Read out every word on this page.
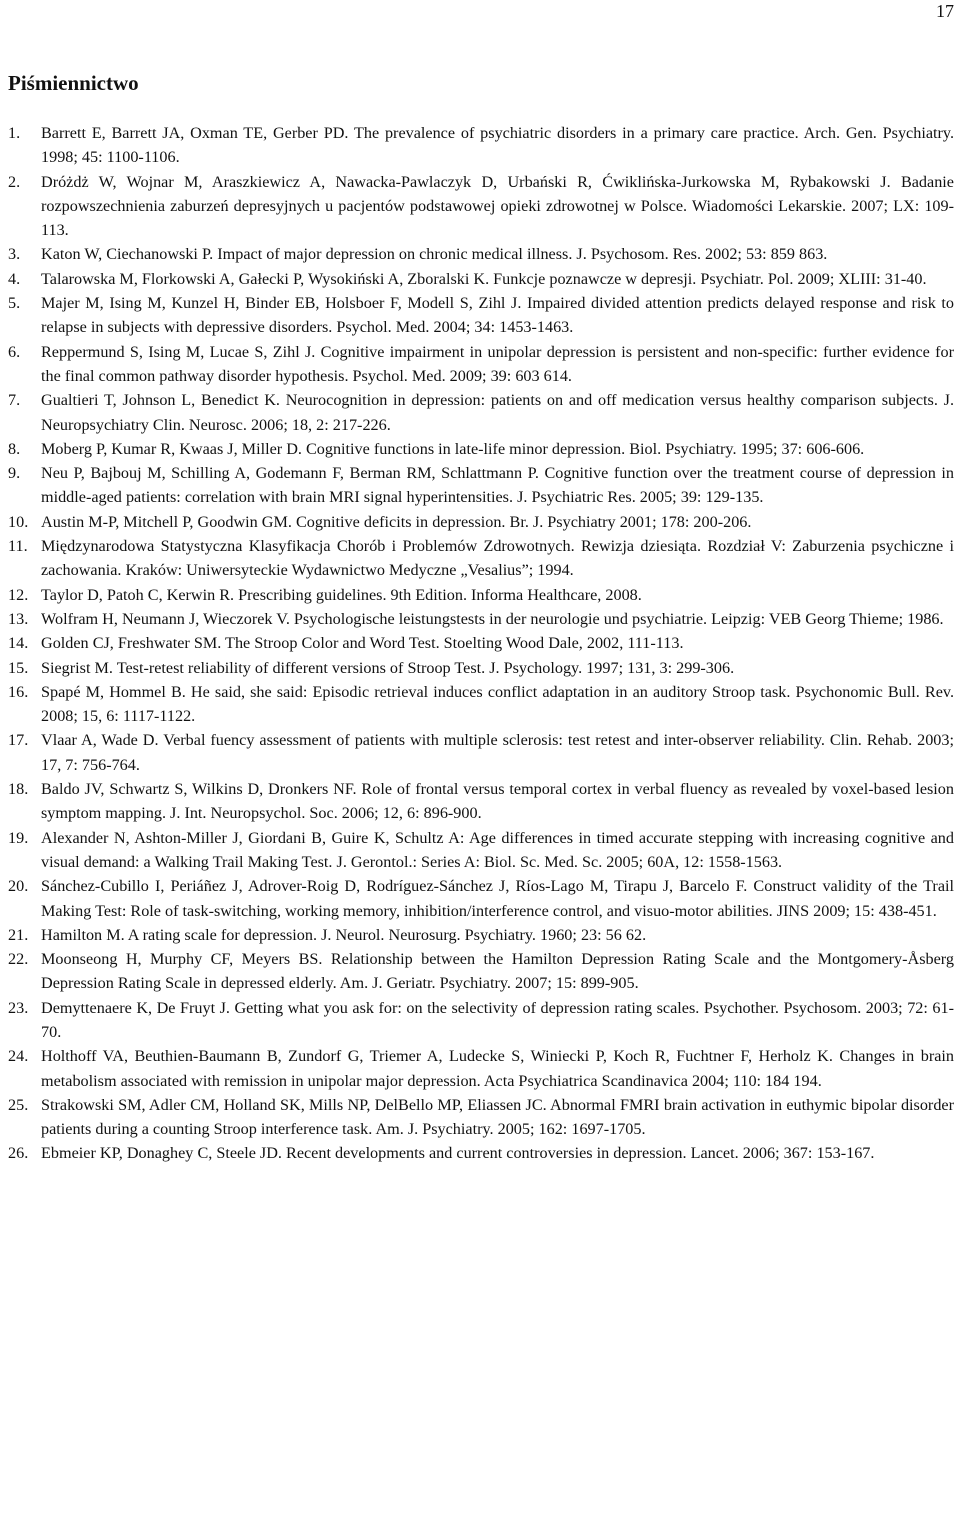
17
Piśmiennictwo
1.	Barrett E, Barrett JA, Oxman TE, Gerber PD. The prevalence of psychiatric disorders in a primary care practice. Arch. Gen. Psychiatry. 1998; 45: 1100-1106.
2.	Dróżdż W, Wojnar M, Araszkiewicz A, Nawacka-Pawlaczyk D, Urbański R, Ćwiklińska-Jurkowska M, Rybakowski J. Badanie rozpowszechnienia zaburzeń depresyjnych u pacjentów podstawowej opieki zdrowotnej w Polsce. Wiadomości Lekarskie. 2007; LX: 109-113.
3.	Katon W, Ciechanowski P. Impact of major depression on chronic medical illness. J. Psychosom. Res. 2002; 53: 859 863.
4.	Talarowska M, Florkowski A, Gałecki P, Wysokiński A, Zboralski K. Funkcje poznawcze w depresji. Psychiatr. Pol. 2009; XLIII: 31-40.
5.	Majer M, Ising M, Kunzel H, Binder EB, Holsboer F, Modell S, Zihl J. Impaired divided attention predicts delayed response and risk to relapse in subjects with depressive disorders. Psychol. Med. 2004; 34: 1453-1463.
6.	Reppermund S, Ising M, Lucae S, Zihl J. Cognitive impairment in unipolar depression is persistent and non-specific: further evidence for the final common pathway disorder hypothesis. Psychol. Med. 2009; 39: 603 614.
7.	Gualtieri T, Johnson L, Benedict K. Neurocognition in depression: patients on and off medication versus healthy comparison subjects. J. Neuropsychiatry Clin. Neurosc. 2006; 18, 2: 217-226.
8.	Moberg P, Kumar R, Kwaas J, Miller D. Cognitive functions in late-life minor depression. Biol. Psychiatry. 1995; 37: 606-606.
9.	Neu P, Bajbouj M, Schilling A, Godemann F, Berman RM, Schlattmann P. Cognitive function over the treatment course of depression in middle-aged patients: correlation with brain MRI signal hyperintensities. J. Psychiatric Res. 2005; 39: 129-135.
10. Austin M-P, Mitchell P, Goodwin GM. Cognitive deficits in depression. Br. J. Psychiatry 2001; 178: 200-206.
11. Międzynarodowa Statystyczna Klasyfikacja Chorób i Problemów Zdrowotnych. Rewizja dziesiąta. Rozdział V: Zaburzenia psychiczne i zachowania. Kraków: Uniwersyteckie Wydawnictwo Medyczne „Vesalius”; 1994.
12. Taylor D, Patoh C, Kerwin R. Prescribing guidelines. 9th Edition. Informa Healthcare, 2008.
13. Wolfram H, Neumann J, Wieczorek V. Psychologische leistungstests in der neurologie und psychiatrie. Leipzig: VEB Georg Thieme; 1986.
14. Golden CJ, Freshwater SM. The Stroop Color and Word Test. Stoelting Wood Dale, 2002, 111-113.
15. Siegrist M. Test-retest reliability of different versions of Stroop Test. J. Psychology. 1997; 131, 3: 299-306.
16. Spapé M, Hommel B. He said, she said: Episodic retrieval induces conflict adaptation in an auditory Stroop task. Psychonomic Bull. Rev. 2008; 15, 6: 1117-1122.
17. Vlaar A, Wade D. Verbal fuency assessment of patients with multiple sclerosis: test retest and inter-observer reliability. Clin. Rehab. 2003; 17, 7: 756-764.
18. Baldo JV, Schwartz S, Wilkins D, Dronkers NF. Role of frontal versus temporal cortex in verbal fluency as revealed by voxel-based lesion symptom mapping. J. Int. Neuropsychol. Soc. 2006; 12, 6: 896-900.
19. Alexander N, Ashton-Miller J, Giordani B, Guire K, Schultz A: Age differences in timed accurate stepping with increasing cognitive and visual demand: a Walking Trail Making Test. J. Gerontol.: Series A: Biol. Sc. Med. Sc. 2005; 60A, 12: 1558-1563.
20. Sánchez-Cubillo I, Periáñez J, Adrover-Roig D, Rodríguez-Sánchez J, Ríos-Lago M, Tirapu J, Barcelo F. Construct validity of the Trail Making Test: Role of task-switching, working memory, inhibition/interference control, and visuo-motor abilities. JINS 2009; 15: 438-451.
21. Hamilton M. A rating scale for depression. J. Neurol. Neurosurg. Psychiatry. 1960; 23: 56 62.
22. Moonseong H, Murphy CF, Meyers BS. Relationship between the Hamilton Depression Rating Scale and the Montgomery-Åsberg Depression Rating Scale in depressed elderly. Am. J. Geriatr. Psychiatry. 2007; 15: 899-905.
23. Demyttenaere K, De Fruyt J. Getting what you ask for: on the selectivity of depression rating scales. Psychother. Psychosom. 2003; 72: 61-70.
24. Holthoff VA, Beuthien-Baumann B, Zundorf G, Triemer A, Ludecke S, Winiecki P, Koch R, Fuchtner F, Herholz K. Changes in brain metabolism associated with remission in unipolar major depression. Acta Psychiatrica Scandinavica 2004; 110: 184 194.
25. Strakowski SM, Adler CM, Holland SK, Mills NP, DelBello MP, Eliassen JC. Abnormal FMRI brain activation in euthymic bipolar disorder patients during a counting Stroop interference task. Am. J. Psychiatry. 2005; 162: 1697-1705.
26. Ebmeier KP, Donaghey C, Steele JD. Recent developments and current controversies in depression. Lancet. 2006; 367: 153-167.
